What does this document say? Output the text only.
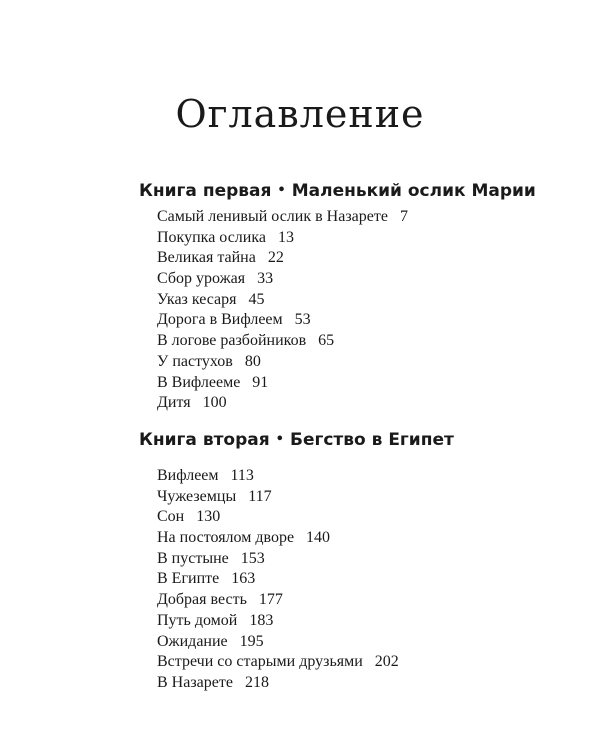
Оглавление
Книга первая • Маленький ослик Марии
Самый ленивый ослик в Назарете 7
Покупка ослика 13
Великая тайна 22
Сбор урожая 33
Указ кесаря 45
Дорога в Вифлеем 53
В логове разбойников 65
У пастухов 80
В Вифлееме 91
Дитя 100
Книга вторая • Бегство в Египет
Вифлеем 113
Чужеземцы 117
Сон 130
На постоялом дворе 140
В пустыне 153
В Египте 163
Добрая весть 177
Путь домой 183
Ожидание 195
Встречи со старыми друзьями 202
В Назарете 218
